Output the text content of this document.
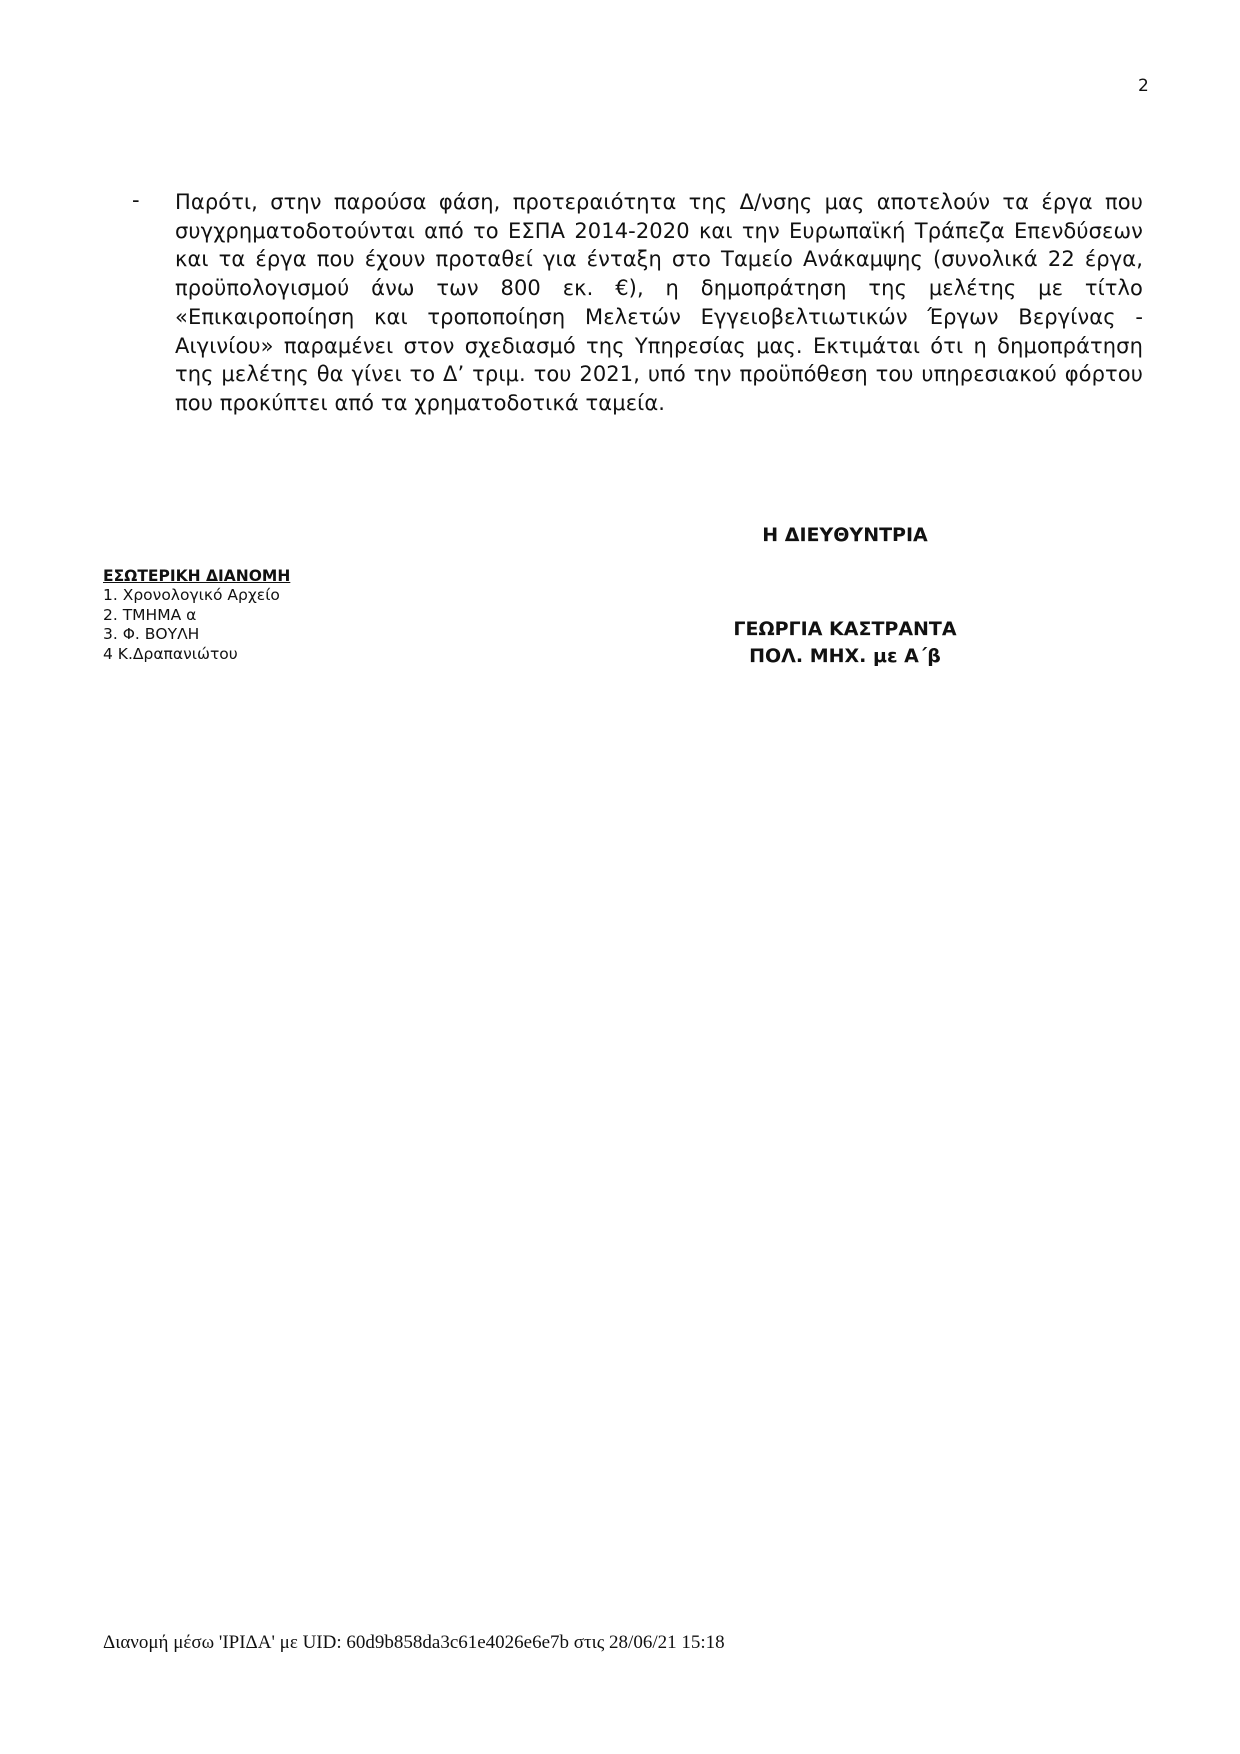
2
- Παρότι, στην παρούσα φάση, προτεραιότητα της Δ/νσης μας αποτελούν τα έργα που συγχρηματοδοτούνται από το ΕΣΠΑ 2014-2020 και την Ευρωπαϊκή Τράπεζα Επενδύσεων και τα έργα που έχουν προταθεί για ένταξη στο Ταμείο Ανάκαμψης (συνολικά 22 έργα, προϋπολογισμού άνω των 800 εκ. €), η δημοπράτηση της μελέτης με τίτλο «Επικαιροποίηση και τροποποίηση Μελετών Εγγειοβελτιωτικών Έργων Βεργίνας - Αιγινίου» παραμένει στον σχεδιασμό της Υπηρεσίας μας. Εκτιμάται ότι η δημοπράτηση της μελέτης θα γίνει το Δ’ τριμ. του 2021, υπό την προϋπόθεση του υπηρεσιακού φόρτου που προκύπτει από τα χρηματοδοτικά ταμεία.
Η ΔΙΕΥΘΥΝΤΡΙΑ
ΕΣΩΤΕΡΙΚΗ ΔΙΑΝΟΜΗ
1. Χρονολογικό Αρχείο
2. ΤΜΗΜΑ α
3. Φ. ΒΟΥΛΗ
4 Κ.Δραπανιώτου
ΓΕΩΡΓΙΑ ΚΑΣΤΡΑΝΤΑ
ΠΟΛ. ΜΗΧ. με Α΄β
Διανομή μέσω 'ΙΡΙΔΑ' με UID: 60d9b858da3c61e4026e6e7b στις 28/06/21 15:18
